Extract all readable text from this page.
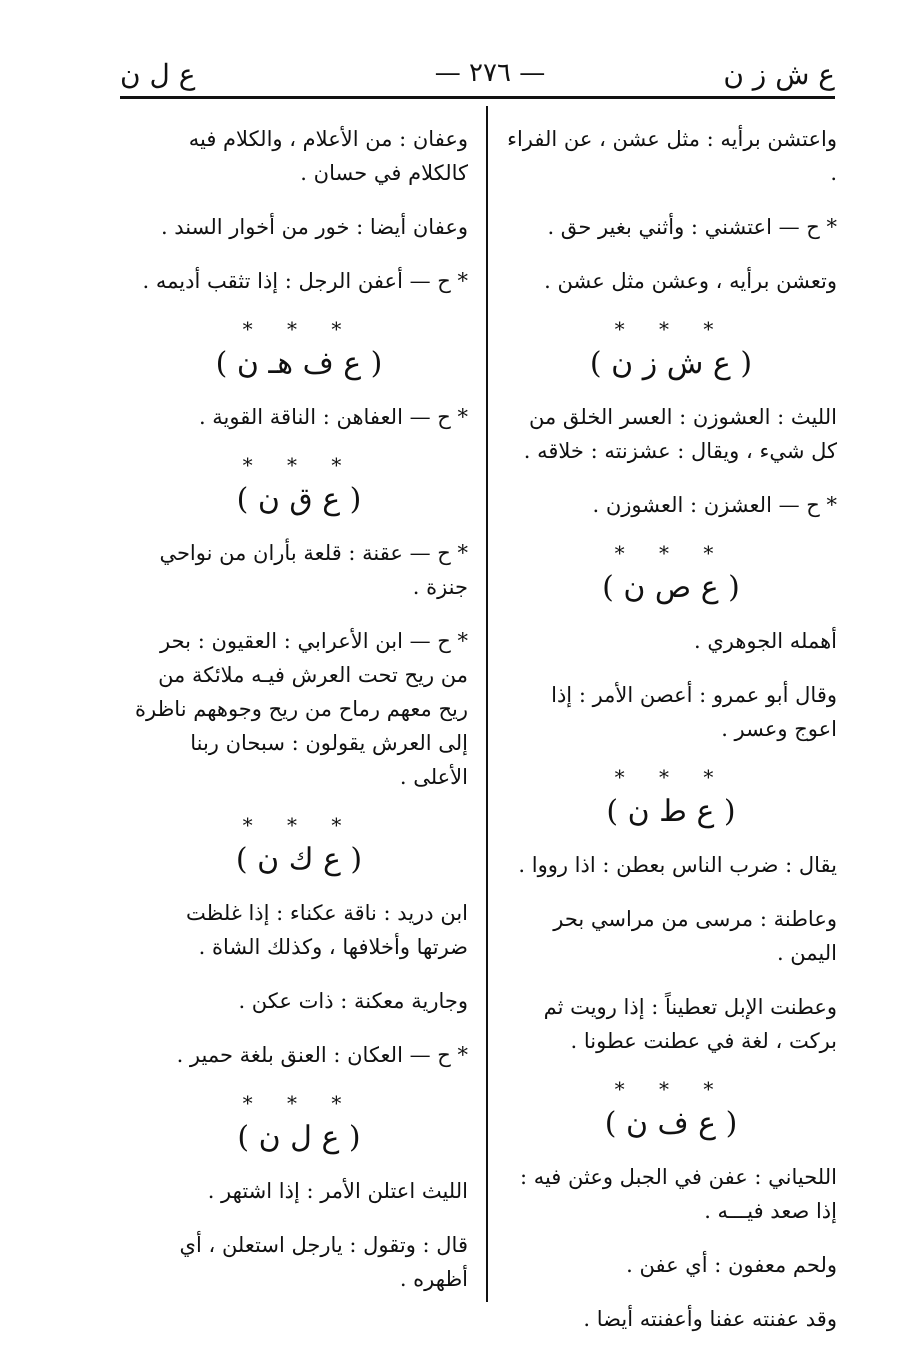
ع ش ز ن
— ٢٧٦ —
ع ل ن
واعتشن برأيه : مثل عشن ، عن الفراء .
* ح — اعتشني : وأثني بغير حق .
وتعشن برأيه ، وعشن مثل عشن .
* * *
( ع ش ز ن )
الليث : العشوزن : العسر الخلق من كل شيء ، ويقال : عشزنته : خلاقه .
* ح — العشزن : العشوزن .
* * *
( ع ص ن )
أهمله الجوهري .
وقال أبو عمرو : أعصن الأمر : إذا اعوج وعسر .
* * *
( ع ط ن )
يقال : ضرب الناس بعطن : اذا رووا .
وعاطنة : مرسى من مراسي بحر اليمن .
وعطنت الإبل تعطيناً : إذا رويت ثم بركت ، لغة في عطنت عطونا .
* * *
( ع ف ن )
اللحياني : عفن في الجبل وعثن فيه : إذا صعد فيـــه .
ولحم معفون : أي عفن .
وقد عفنته عفنا وأعفنته أيضا .
وعفان : من الأعلام ، والكلام فيه كالكلام في حسان .
وعفان أيضا : خور من أخوار السند .
* ح — أعفن الرجل : إذا تثقب أديمه .
* * *
( ع ف هـ ن )
* ح — العفاهن : الناقة القوية .
* * *
( ع ق ن )
* ح — عقنة : قلعة بأران من نواحي جنزة .
* ح — ابن الأعرابي : العقيون : بحر من ريح تحت العرش فيـه ملائكة من ريح معهم رماح من ريح وجوههم ناظرة إلى العرش يقولون : سبحان ربنا الأعلى .
* * *
( ع ك ن )
ابن دريد : ناقة عكناء : إذا غلظت ضرتها وأخلافها ، وكذلك الشاة .
وجارية معكنة : ذات عكن .
* ح — العكان : العنق بلغة حمير .
* * *
( ع ل ن )
الليث اعتلن الأمر : إذا اشتهر .
قال : وتقول : يارجل استعلن ، أي أظهره .
